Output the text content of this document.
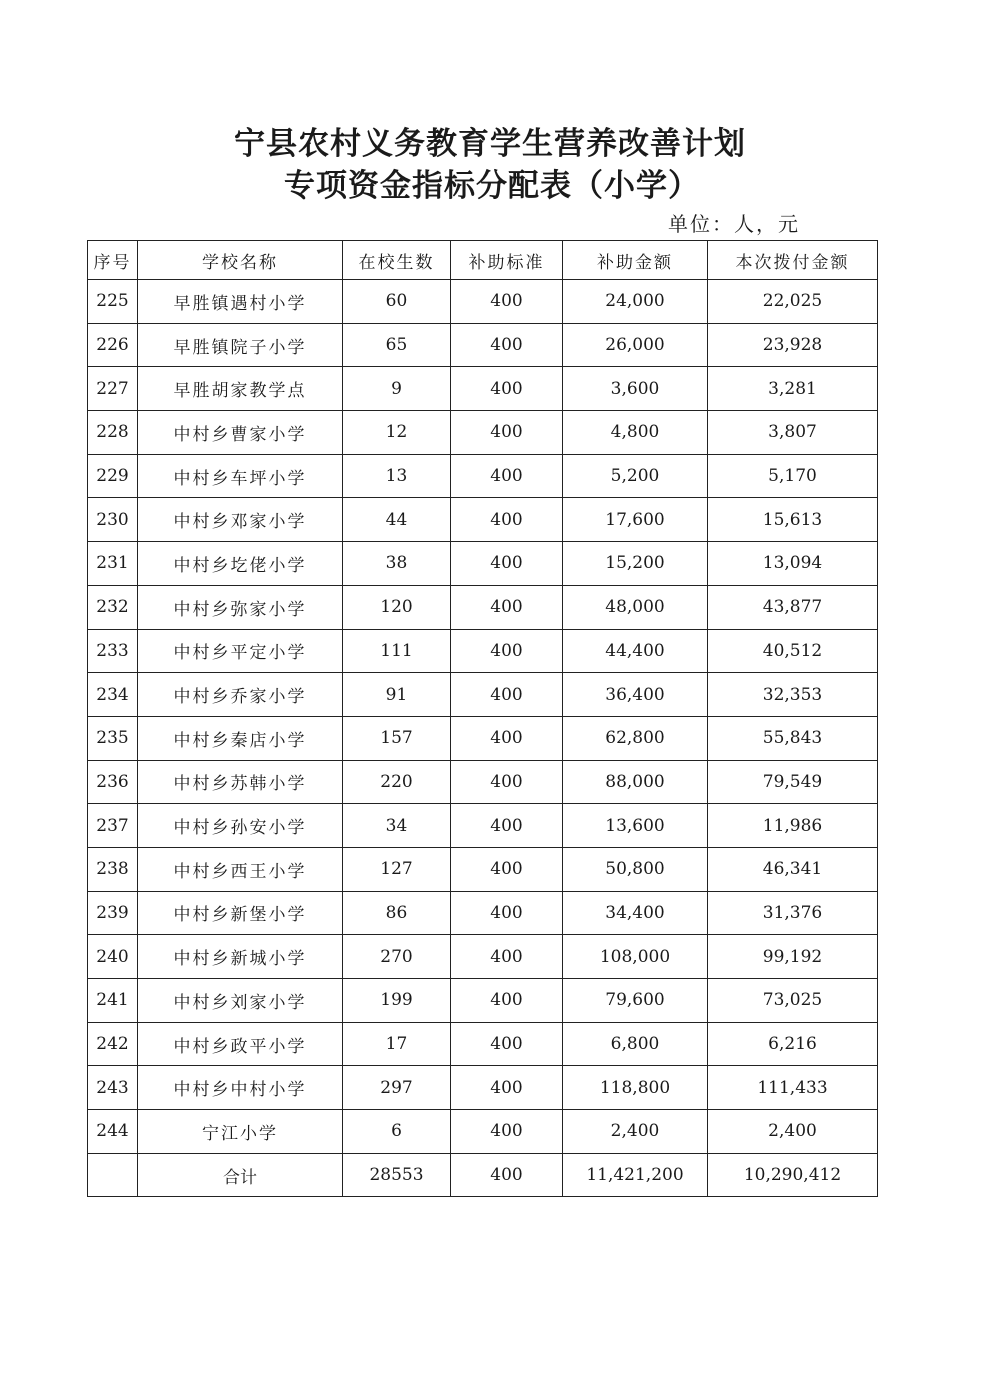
宁县农村义务教育学生营养改善计划
专项资金指标分配表（小学）

单位：人，元

序号	学校名称	在校生数	补助标准	补助金额	本次拨付金额
225	早胜镇遇村小学	60	400	24,000	22,025
226	早胜镇院子小学	65	400	26,000	23,928
227	早胜胡家教学点	9	400	3,600	3,281
228	中村乡曹家小学	12	400	4,800	3,807
229	中村乡车坪小学	13	400	5,200	5,170
230	中村乡邓家小学	44	400	17,600	15,613
231	中村乡圪佬小学	38	400	15,200	13,094
232	中村乡弥家小学	120	400	48,000	43,877
233	中村乡平定小学	111	400	44,400	40,512
234	中村乡乔家小学	91	400	36,400	32,353
235	中村乡秦店小学	157	400	62,800	55,843
236	中村乡苏韩小学	220	400	88,000	79,549
237	中村乡孙安小学	34	400	13,600	11,986
238	中村乡西王小学	127	400	50,800	46,341
239	中村乡新堡小学	86	400	34,400	31,376
240	中村乡新城小学	270	400	108,000	99,192
241	中村乡刘家小学	199	400	79,600	73,025
242	中村乡政平小学	17	400	6,800	6,216
243	中村乡中村小学	297	400	118,800	111,433
244	宁江小学	6	400	2,400	2,400
	合计	28553	400	11,421,200	10,290,412
